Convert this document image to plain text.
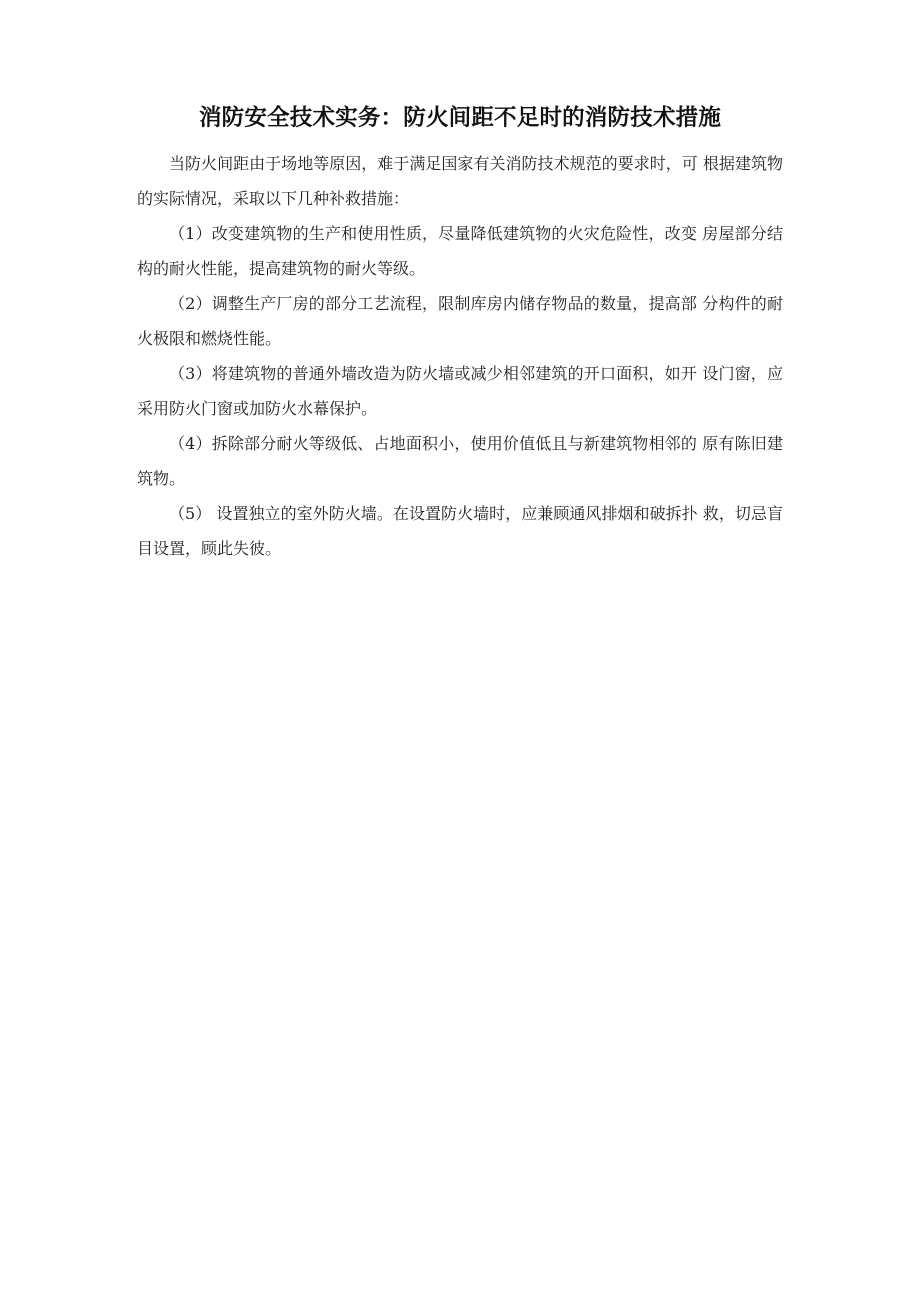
消防安全技术实务：防火间距不足时的消防技术措施

当防火间距由于场地等原因，难于满足国家有关消防技术规范的要求时，可 根据建筑物的实际情况，采取以下几种补救措施：

（1）改变建筑物的生产和使用性质，尽量降低建筑物的火灾危险性，改变 房屋部分结构的耐火性能，提高建筑物的耐火等级。

（2）调整生产厂房的部分工艺流程，限制库房内储存物品的数量，提高部 分构件的耐火极限和燃烧性能。

（3）将建筑物的普通外墙改造为防火墙或减少相邻建筑的开口面积，如开 设门窗，应采用防火门窗或加防火水幕保护。

（4）拆除部分耐火等级低、占地面积小，使用价值低且与新建筑物相邻的 原有陈旧建筑物。

（5） 设置独立的室外防火墙。在设置防火墙时，应兼顾通风排烟和破拆扑 救，切忌盲目设置，顾此失彼。
